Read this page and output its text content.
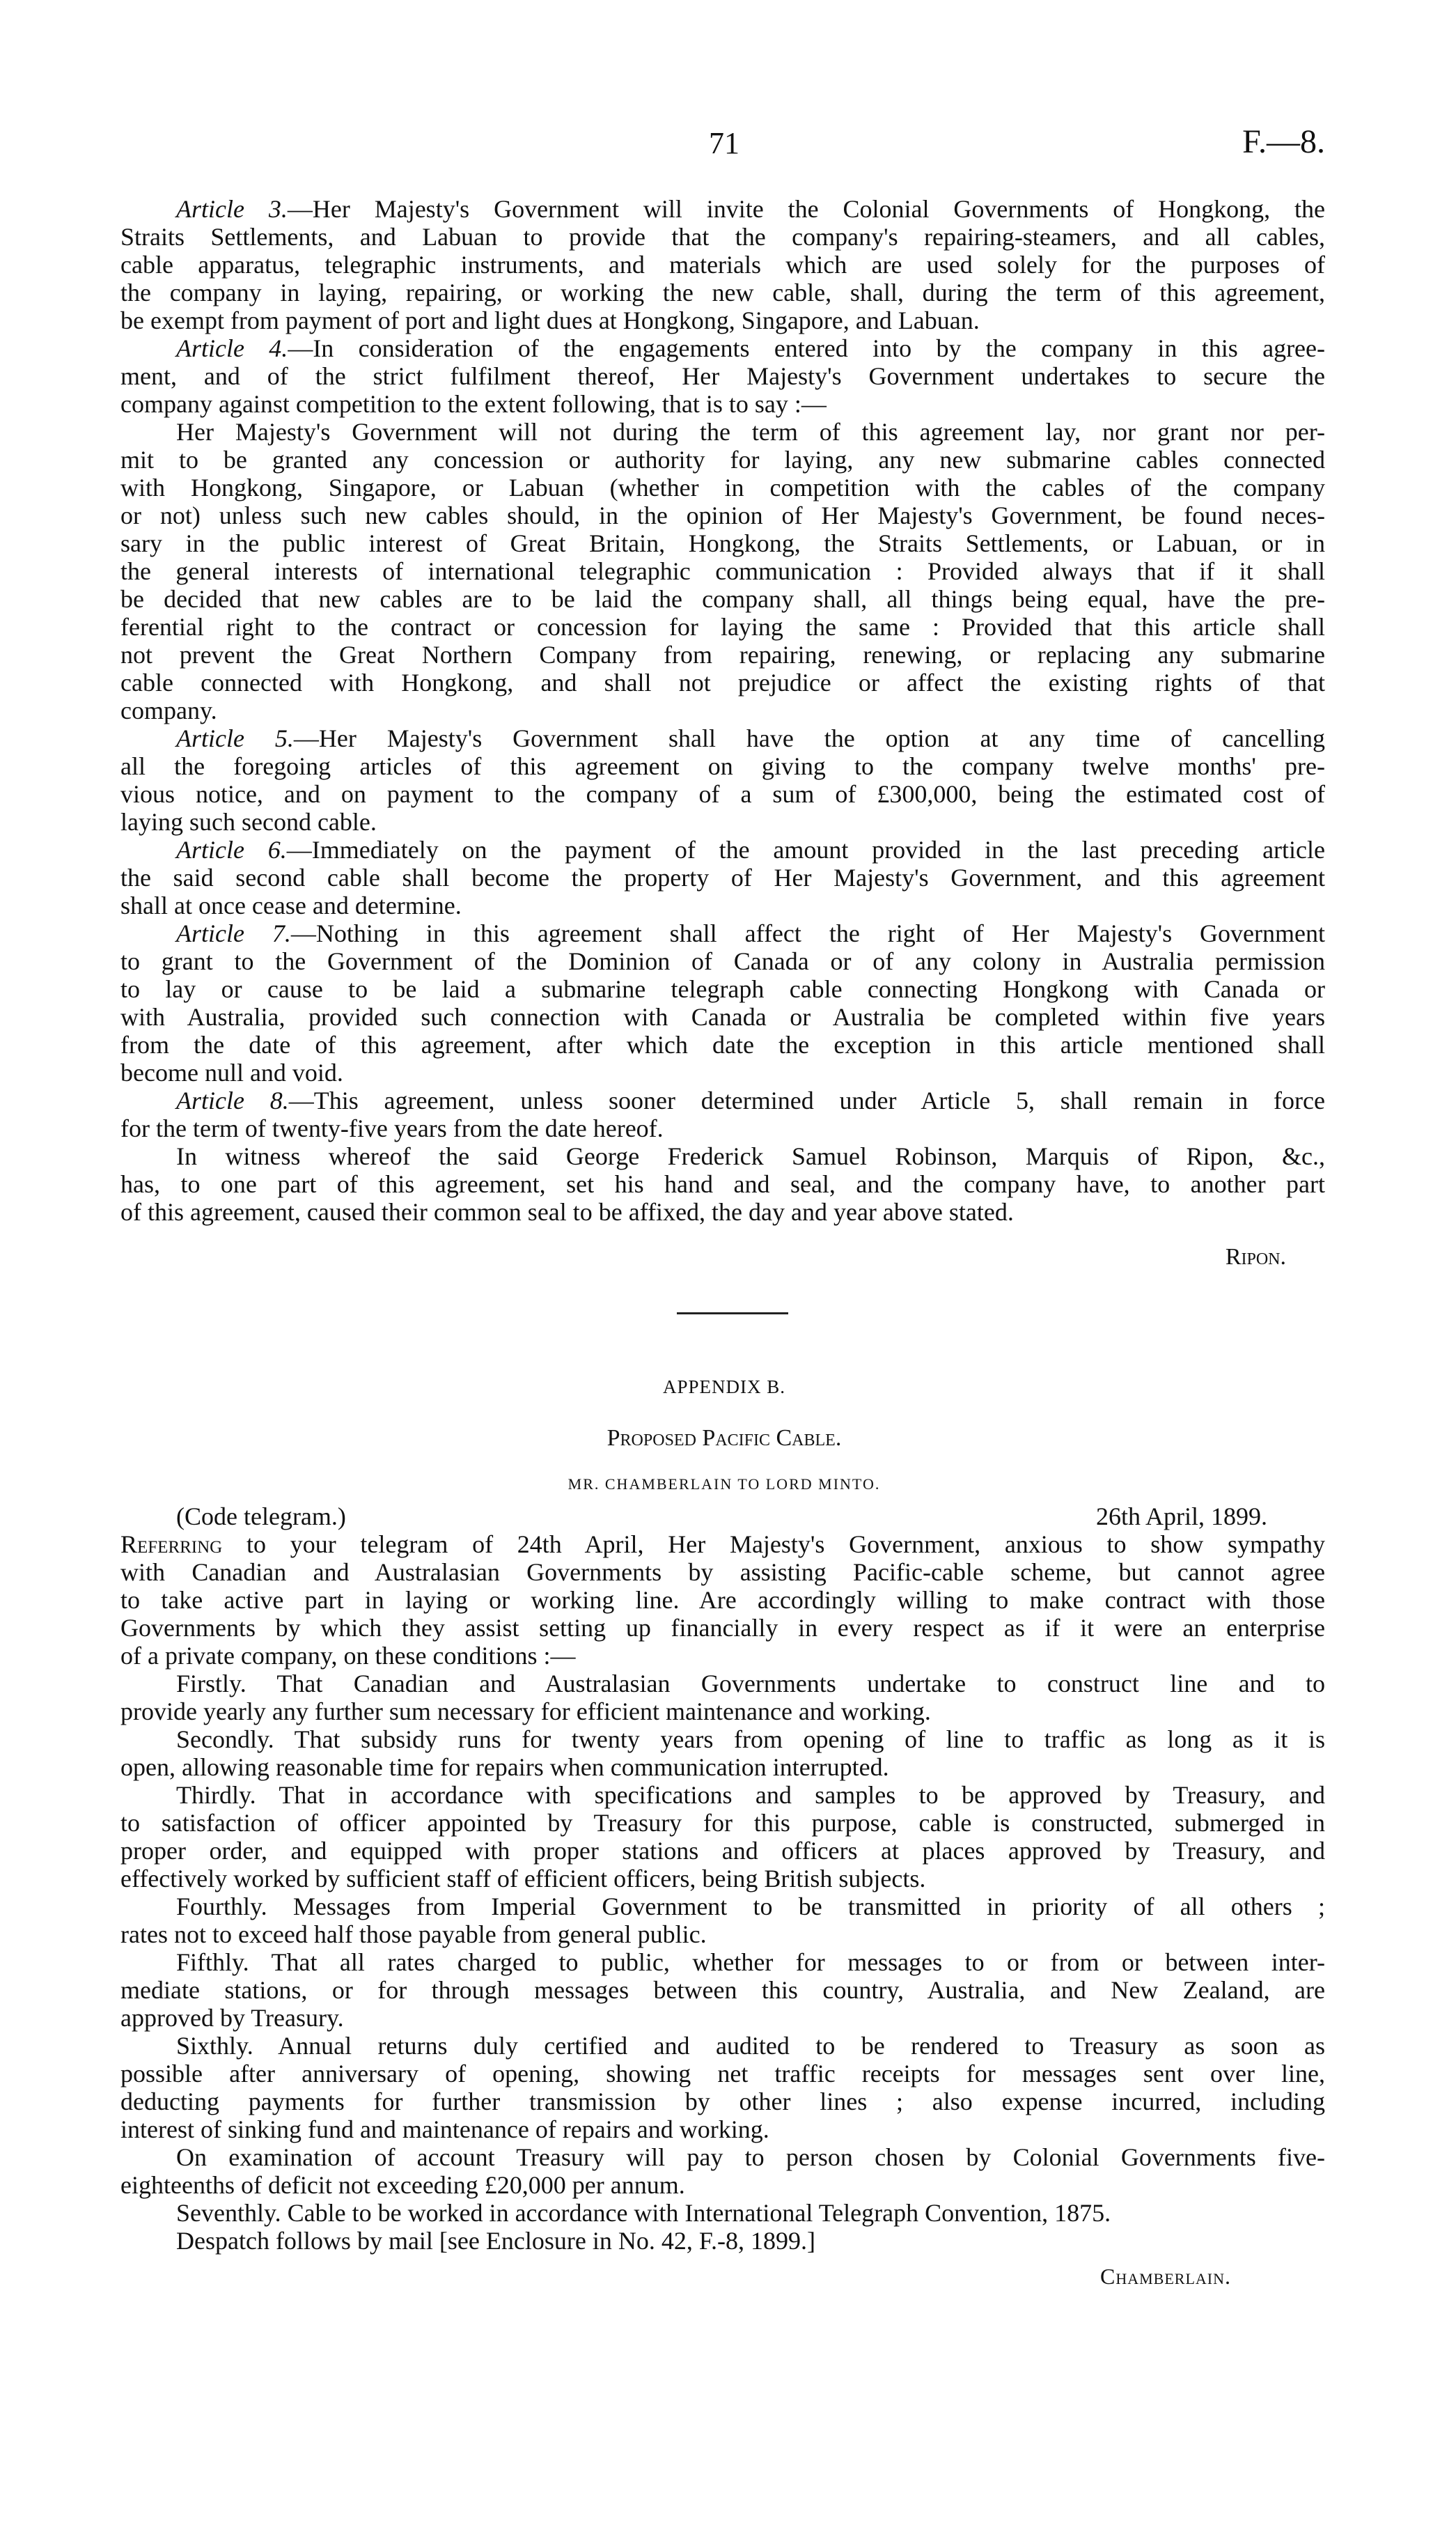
71	F.—8.
Article 3.—Her Majesty's Government will invite the Colonial Governments of Hongkong, the
Straits Settlements, and Labuan to provide that the company's repairing-steamers, and all cables,
cable apparatus, telegraphic instruments, and materials which are used solely for the purposes of
the company in laying, repairing, or working the new cable, shall, during the term of this agreement,
be exempt from payment of port and light dues at Hongkong, Singapore, and Labuan.
Article 4.—In consideration of the engagements entered into by the company in this agree-
ment, and of the strict fulfilment thereof, Her Majesty's Government undertakes to secure the
company against competition to the extent following, that is to say :—
Her Majesty's Government will not during the term of this agreement lay, nor grant nor per-
mit to be granted any concession or authority for laying, any new submarine cables connected
with Hongkong, Singapore, or Labuan (whether in competition with the cables of the company
or not) unless such new cables should, in the opinion of Her Majesty's Government, be found neces-
sary in the public interest of Great Britain, Hongkong, the Straits Settlements, or Labuan, or in
the general interests of international telegraphic communication : Provided always that if it shall
be decided that new cables are to be laid the company shall, all things being equal, have the pre-
ferential right to the contract or concession for laying the same : Provided that this article shall
not prevent the Great Northern Company from repairing, renewing, or replacing any submarine
cable connected with Hongkong, and shall not prejudice or affect the existing rights of that
company.
Article 5.—Her Majesty's Government shall have the option at any time of cancelling
all the foregoing articles of this agreement on giving to the company twelve months' pre-
vious notice, and on payment to the company of a sum of £300,000, being the estimated cost of
laying such second cable.
Article 6.—Immediately on the payment of the amount provided in the last preceding article
the said second cable shall become the property of Her Majesty's Government, and this agreement
shall at once cease and determine.
Article 7.—Nothing in this agreement shall affect the right of Her Majesty's Government
to grant to the Government of the Dominion of Canada or of any colony in Australia permission
to lay or cause to be laid a submarine telegraph cable connecting Hongkong with Canada or
with Australia, provided such connection with Canada or Australia be completed within five years
from the date of this agreement, after which date the exception in this article mentioned shall
become null and void.
Article 8.—This agreement, unless sooner determined under Article 5, shall remain in force
for the term of twenty-five years from the date hereof.
In witness whereof the said George Frederick Samuel Robinson, Marquis of Ripon, &c.,
has, to one part of this agreement, set his hand and seal, and the company have, to another part
of this agreement, caused their common seal to be affixed, the day and year above stated.
Ripon.
APPENDIX B.
Proposed Pacific Cable.
MR. CHAMBERLAIN TO LORD MINTO.
(Code telegram.)	26th April, 1899.
Referring to your telegram of 24th April, Her Majesty's Government, anxious to show sympathy
with Canadian and Australasian Governments by assisting Pacific-cable scheme, but cannot agree
to take active part in laying or working line. Are accordingly willing to make contract with those
Governments by which they assist setting up financially in every respect as if it were an enterprise
of a private company, on these conditions :—
Firstly. That Canadian and Australasian Governments undertake to construct line and to
provide yearly any further sum necessary for efficient maintenance and working.
Secondly. That subsidy runs for twenty years from opening of line to traffic as long as it is
open, allowing reasonable time for repairs when communication interrupted.
Thirdly. That in accordance with specifications and samples to be approved by Treasury, and
to satisfaction of officer appointed by Treasury for this purpose, cable is constructed, submerged in
proper order, and equipped with proper stations and officers at places approved by Treasury, and
effectively worked by sufficient staff of efficient officers, being British subjects.
Fourthly. Messages from Imperial Government to be transmitted in priority of all others ;
rates not to exceed half those payable from general public.
Fifthly. That all rates charged to public, whether for messages to or from or between inter-
mediate stations, or for through messages between this country, Australia, and New Zealand, are
approved by Treasury.
Sixthly. Annual returns duly certified and audited to be rendered to Treasury as soon as
possible after anniversary of opening, showing net traffic receipts for messages sent over line,
deducting payments for further transmission by other lines ; also expense incurred, including
interest of sinking fund and maintenance of repairs and working.
On examination of account Treasury will pay to person chosen by Colonial Governments five-
eighteenths of deficit not exceeding £20,000 per annum.
Seventhly. Cable to be worked in accordance with International Telegraph Convention, 1875.
Despatch follows by mail [see Enclosure in No. 42, F.-8, 1899.]
Chamberlain.
